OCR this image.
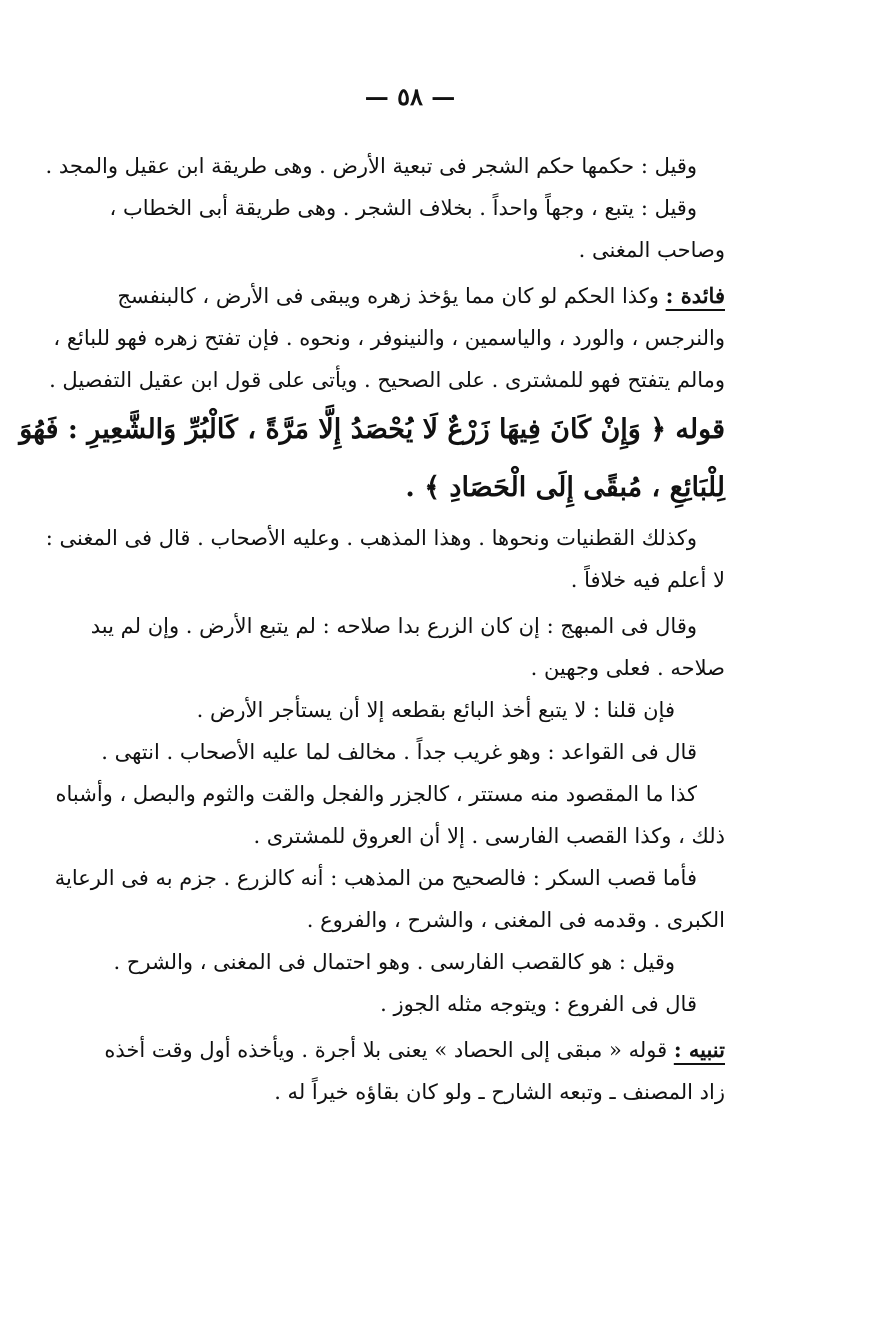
— ٥٨ —
وقيل : حكمها حكم الشجر فى تبعية الأرض . وهى طريقة ابن عقيل والمجد .
وقيل : يتبع ، وجهاً واحداً . بخلاف الشجر . وهى طريقة أبى الخطاب ،
وصاحب المغنى .
فائدة : وكذا الحكم لو كان مما يؤخذ زهره ويبقى فى الأرض ، كالبنفسج
والنرجس ، والورد ، والياسمين ، والنينوفر ، ونحوه . فإن تفتح زهره فهو للبائع ،
ومالم يتفتح فهو للمشترى . على الصحيح . ويأتى على قول ابن عقيل التفصيل .
قوله ﴿ وَإِنْ كَانَ فِيهَا زَرْعٌ لَا يُحْصَدُ إِلَّا مَرَّةً ، كَالْبُرِّ وَالشَّعِيرِ : فَهُوَ
لِلْبَائِعِ ، مُبقًى إِلَى الْحَصَادِ ﴾ .
وكذلك القطنيات ونحوها . وهذا المذهب . وعليه الأصحاب . قال فى المغنى :
لا أعلم فيه خلافاً .
وقال فى المبهج : إن كان الزرع بدا صلاحه : لم يتبع الأرض . وإن لم يبد
صلاحه . فعلى وجهين .
فإن قلنا : لا يتبع أخذ البائع بقطعه إلا أن يستأجر الأرض .
قال فى القواعد : وهو غريب جداً . مخالف لما عليه الأصحاب . انتهى .
كذا ما المقصود منه مستتر ، كالجزر والفجل والقت والثوم والبصل ، وأشباه
ذلك ، وكذا القصب الفارسى . إلا أن العروق للمشترى .
فأما قصب السكر : فالصحيح من المذهب : أنه كالزرع . جزم به فى الرعاية
الكبرى . وقدمه فى المغنى ، والشرح ، والفروع .
وقيل : هو كالقصب الفارسى . وهو احتمال فى المغنى ، والشرح .
قال فى الفروع : ويتوجه مثله الجوز .
تنبيه : قوله « مبقى إلى الحصاد » يعنى بلا أجرة . ويأخذه أول وقت أخذه
زاد المصنف ـ وتبعه الشارح ـ ولو كان بقاؤه خيراً له .
